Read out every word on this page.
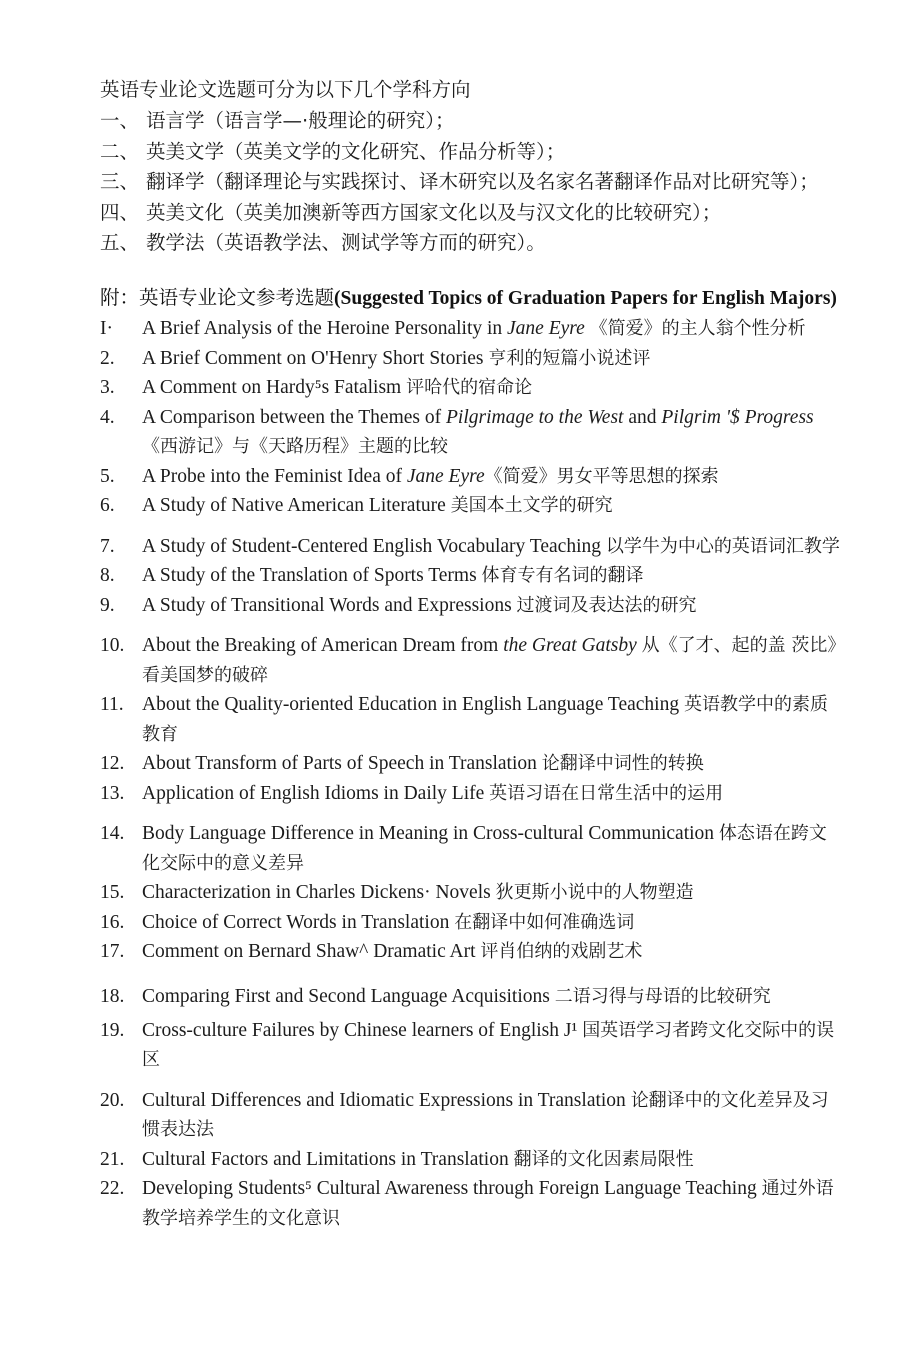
英语专业论文选题可分为以下几个学科方向

一、 语言学（语言学—·般理论的研究）；
二、 英美文学（英美文学的文化研究、作品分析等）；
三、 翻译学（翻译理论与实践探讨、译木研究以及名家名著翻译作品对比研究等）；
四、 英美文化（英美加澳新等西方国家文化以及与汉文化的比较研究）；
五、 教学法（英语教学法、测试学等方而的研究）。

附：英语专业论文参考选题(Suggested Topics of Graduation Papers for English Majors)

I·	A Brief Analysis of the Heroine Personality in Jane Eyre 《简爱》的主人翁个性分析
2.	A Brief Comment on O'Henry Short Stories 亨利的短篇小说述评
3.	A Comment on Hardy⁵s Fatalism 评哈代的宿命论
4.	A Comparison between the Themes of Pilgrimage to the West and Pilgrim '$ Progress《西游记》与《天路历程》主题的比较
5.	A Probe into the Feminist Idea of Jane Eyre《简爱》男女平等思想的探索
6.	A Study of Native American Literature 美国本土文学的研究
7.	A Study of Student-Centered English Vocabulary Teaching 以学牛为中心的英语词汇教学
8.	A Study of the Translation of Sports Terms 体育专有名词的翻译
9.	A Study of Transitional Words and Expressions 过渡词及表达法的研究
10. About the Breaking of American Dream from the Great Gatsby 从《了才、起的盖 茨比》看美国梦的破碎
11. About the Quality-oriented Education in English Language Teaching 英语教学中的素质教育
12. About Transform of Parts of Speech in Translation 论翻译中词性的转换
13. Application of English Idioms in Daily Life 英语习语在日常生活中的运用
14. Body Language Difference in Meaning in Cross-cultural Communication 体态语在跨文化交际中的意义差异
15. Characterization in Charles Dickens· Novels 狄更斯小说中的人物塑造
16. Choice of Correct Words in Translation 在翻译中如何准确选词
17. Comment on Bernard Shaw^ Dramatic Art 评肖伯纳的戏剧艺术
18. Comparing First and Second Language Acquisitions 二语习得与母语的比较研究
19. Cross-culture Failures by Chinese learners of English J¹ 国英语学习者跨文化交际中的误区
20. Cultural Differences and Idiomatic Expressions in Translation 论翻译中的文化差异及习惯表达法
21. Cultural Factors and Limitations in Translation 翻译的文化因素局限性
22. Developing Students⁵ Cultural Awareness through Foreign Language Teaching 通过外语教学培养学生的文化意识
